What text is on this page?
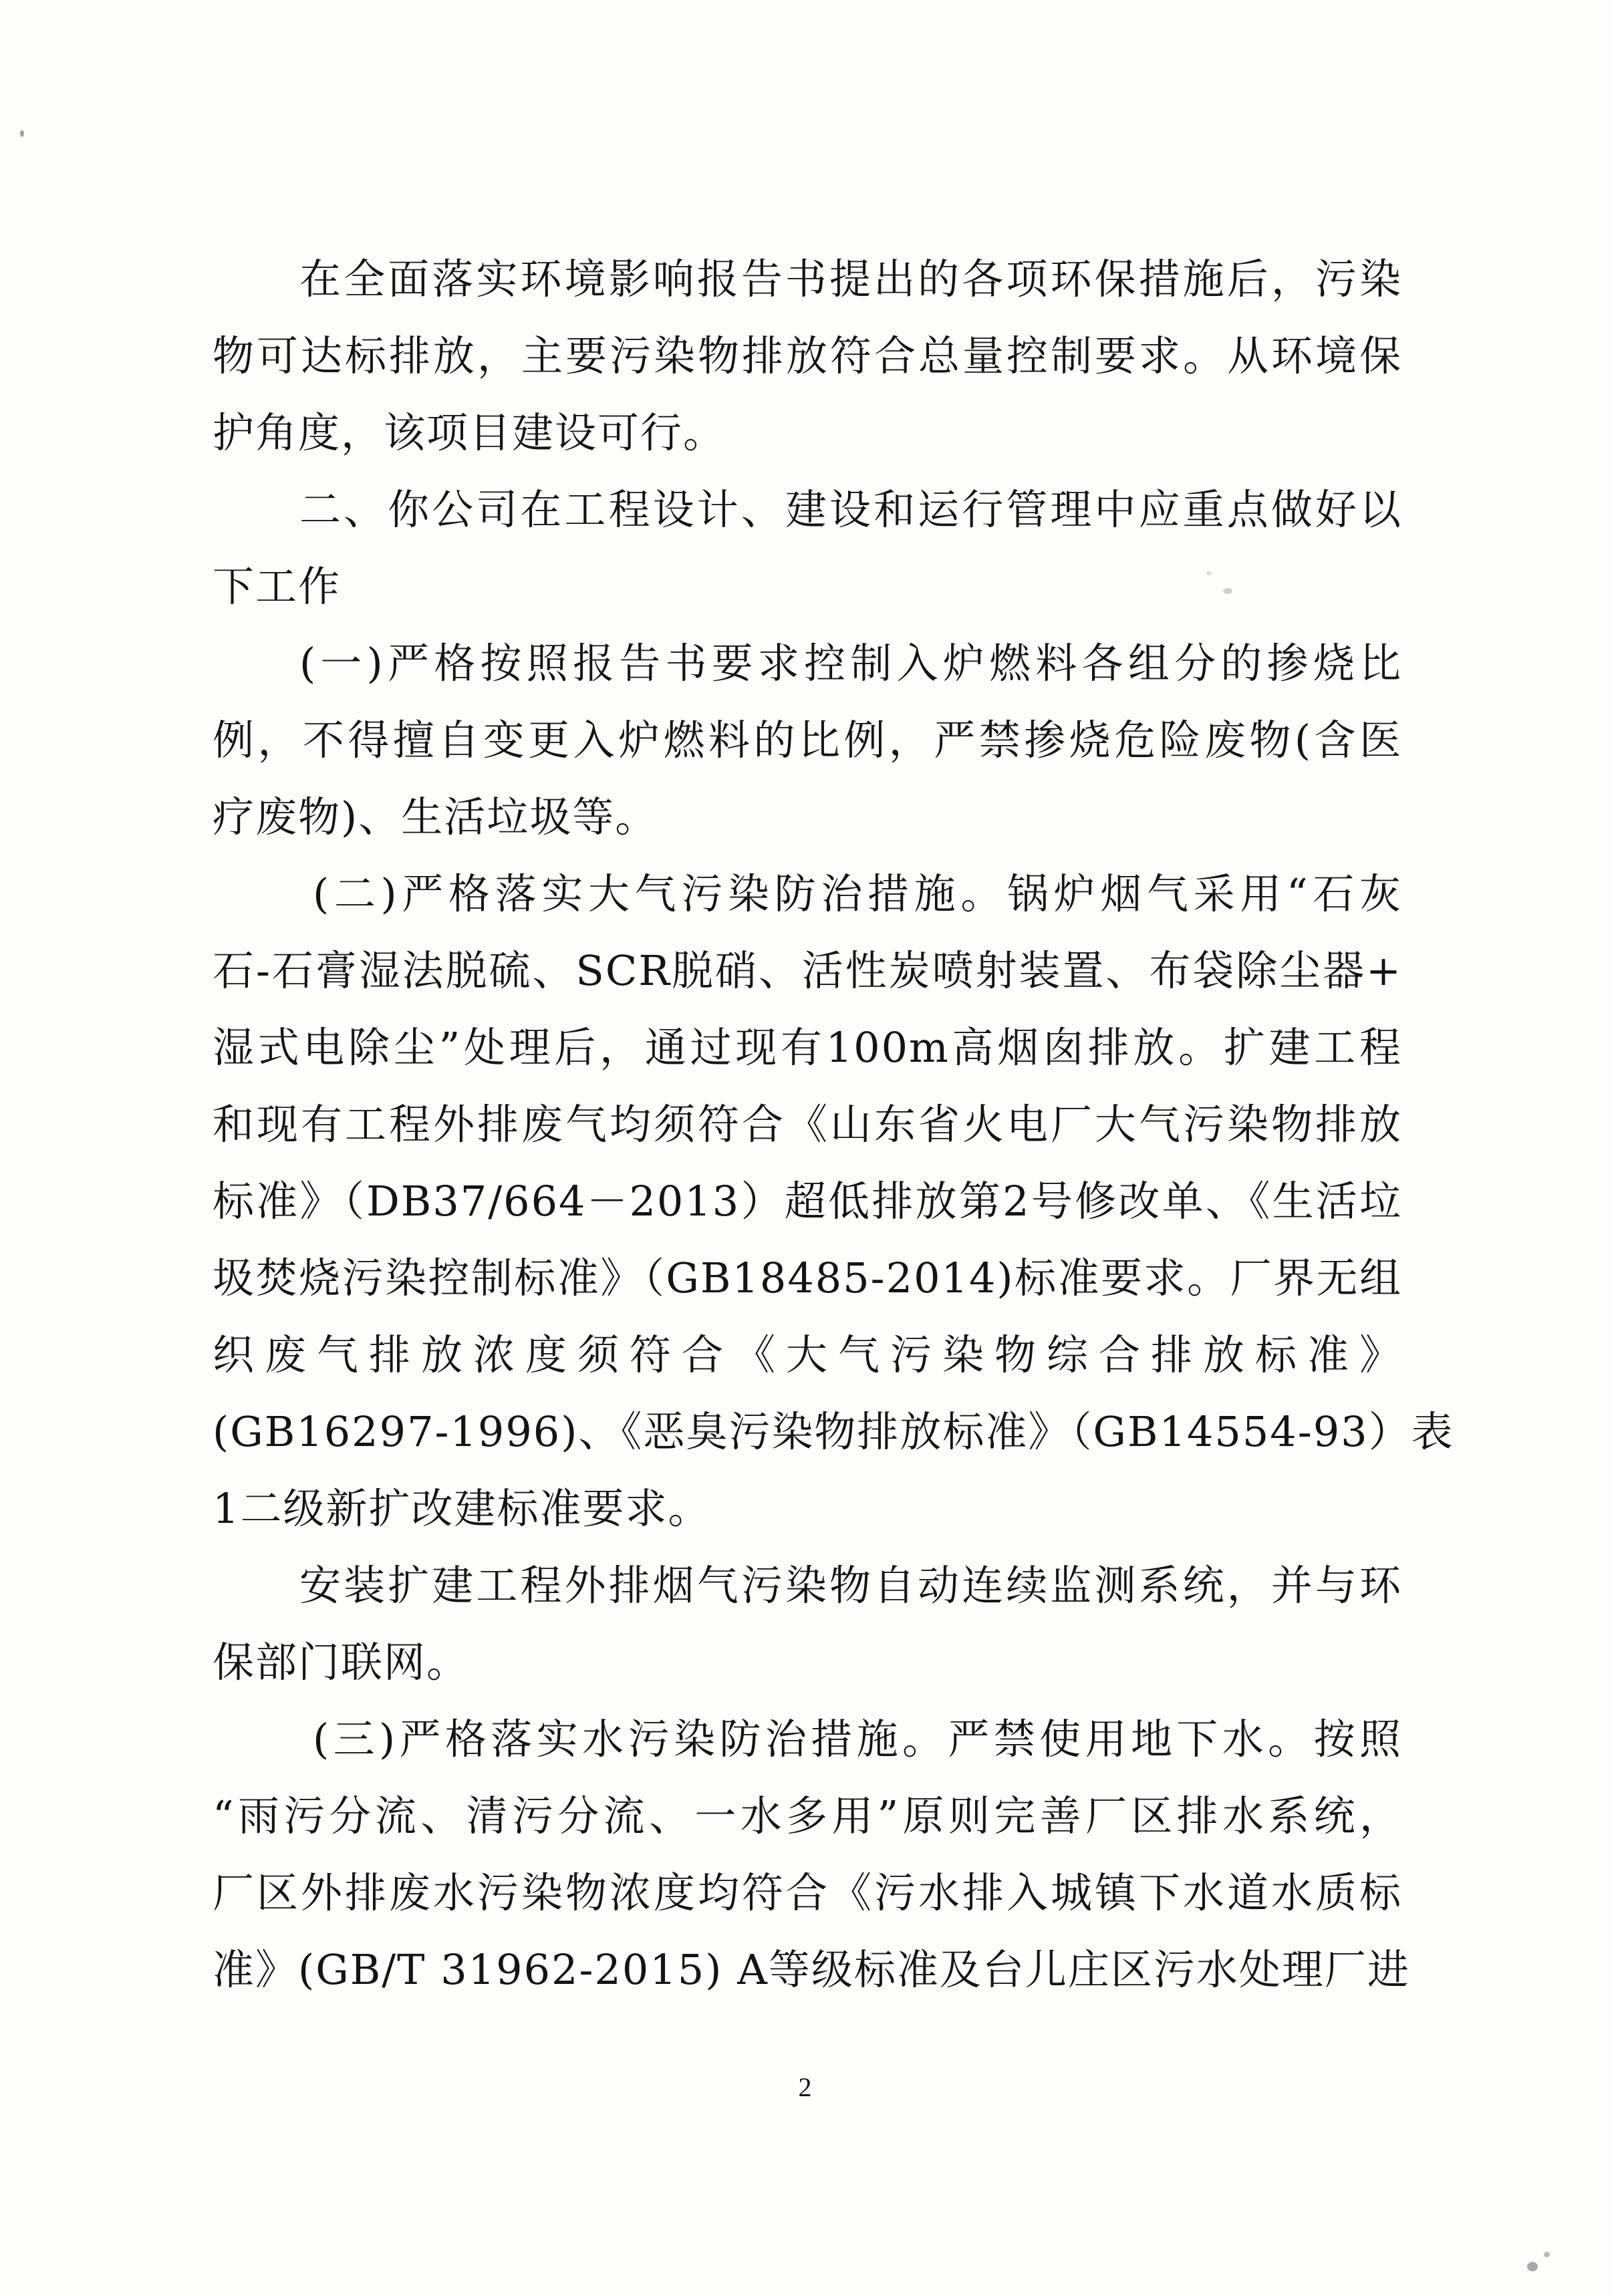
在全面落实环境影响报告书提出的各项环保措施后，污染
物可达标排放，主要污染物排放符合总量控制要求。从环境保
护角度，该项目建设可行。
二、你公司在工程设计、建设和运行管理中应重点做好以
下工作
(一)严格按照报告书要求控制入炉燃料各组分的掺烧比
例，不得擅自变更入炉燃料的比例，严禁掺烧危险废物(含医
疗废物)、生活垃圾等。
(二)严格落实大气污染防治措施。锅炉烟气采用“石灰
石-石膏湿法脱硫、SCR脱硝、活性炭喷射装置、布袋除尘器+
湿式电除尘”处理后，通过现有100m高烟囱排放。扩建工程
和现有工程外排废气均须符合《山东省火电厂大气污染物排放
标准》（DB37/664－2013）超低排放第2号修改单、《生活垃
圾焚烧污染控制标准》（GB18485-2014)标准要求。厂界无组
织废气排放浓度须符合《大气污染物综合排放标准》
(GB16297-1996)、《恶臭污染物排放标准》（GB14554-93）表
1二级新扩改建标准要求。
安装扩建工程外排烟气污染物自动连续监测系统，并与环
保部门联网。
(三)严格落实水污染防治措施。严禁使用地下水。按照
“雨污分流、清污分流、一水多用”原则完善厂区排水系统，
厂区外排废水污染物浓度均符合《污水排入城镇下水道水质标
准》(GB/T 31962-2015) A等级标准及台儿庄区污水处理厂进
2
